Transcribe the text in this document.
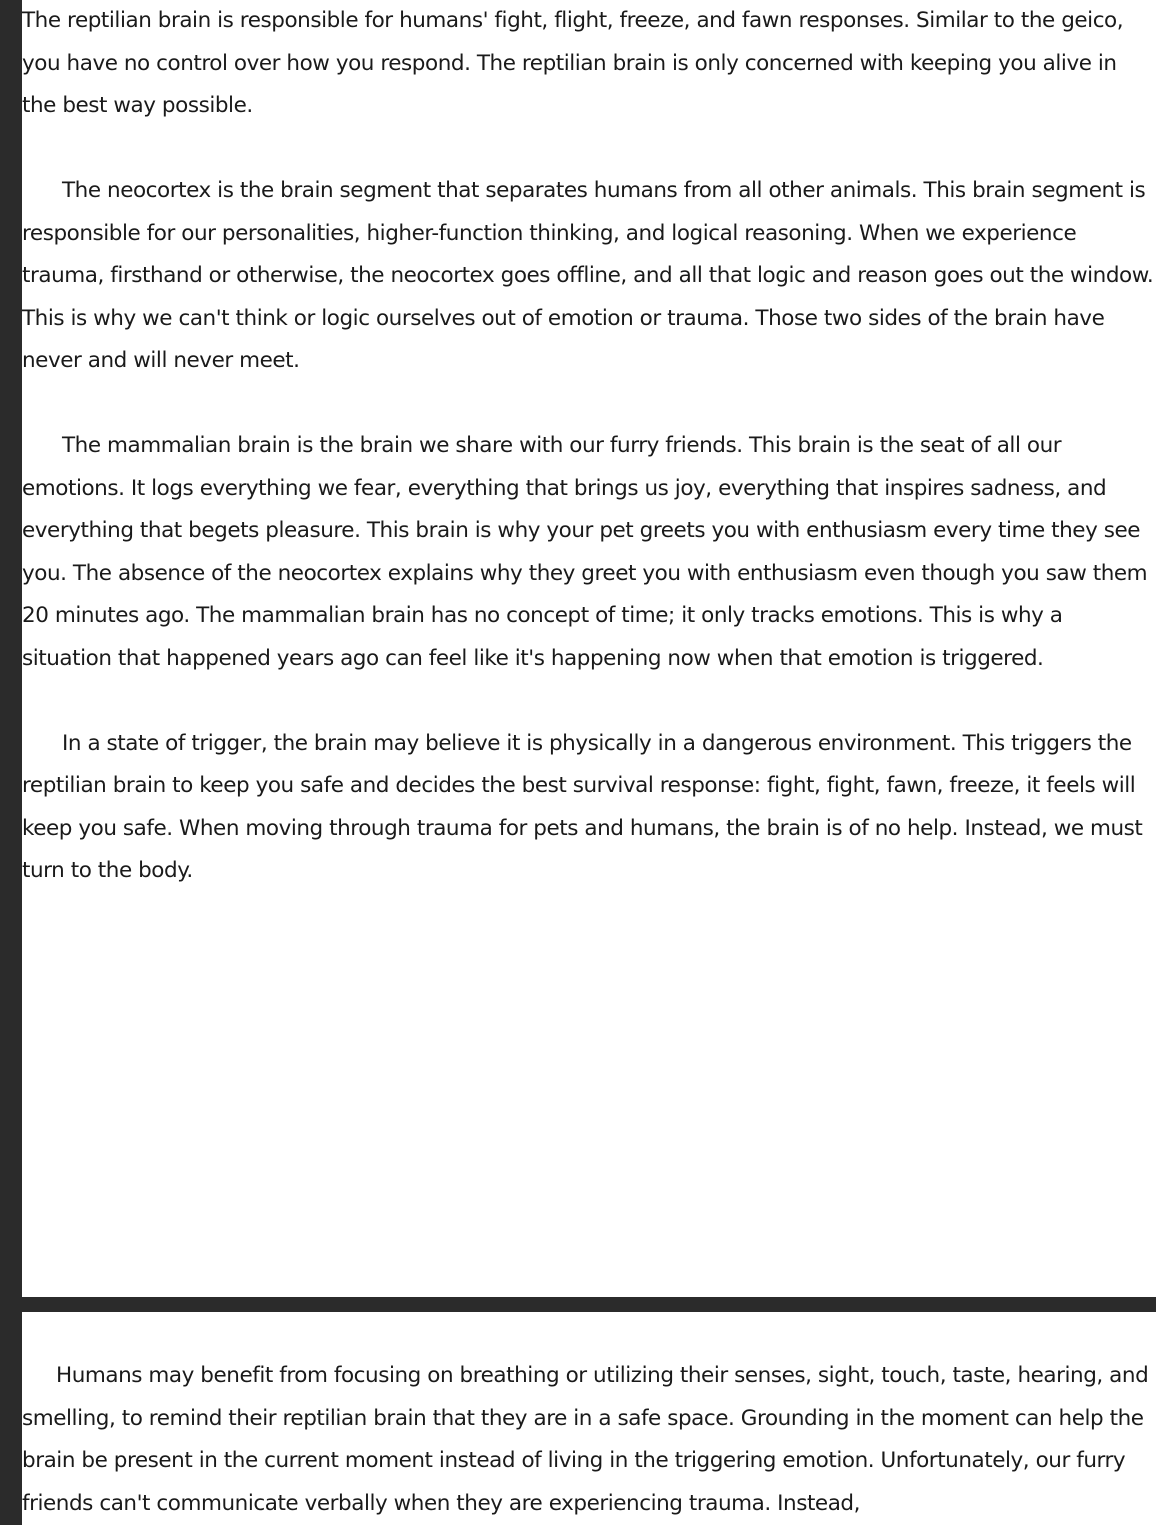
The reptilian brain is responsible for humans' fight, flight, freeze, and fawn responses. Similar to the geico, you have no control over how you respond. The reptilian brain is only concerned with keeping you alive in the best way possible.

The neocortex is the brain segment that separates humans from all other animals. This brain segment is responsible for our personalities, higher-function thinking, and logical reasoning. When we experience trauma, firsthand or otherwise, the neocortex goes offline, and all that logic and reason goes out the window. This is why we can't think or logic ourselves out of emotion or trauma. Those two sides of the brain have never and will never meet.

The mammalian brain is the brain we share with our furry friends. This brain is the seat of all our emotions. It logs everything we fear, everything that brings us joy, everything that inspires sadness, and everything that begets pleasure. This brain is why your pet greets you with enthusiasm every time they see you. The absence of the neocortex explains why they greet you with enthusiasm even though you saw them 20 minutes ago. The mammalian brain has no concept of time; it only tracks emotions. This is why a situation that happened years ago can feel like it's happening now when that emotion is triggered.

In a state of trigger, the brain may believe it is physically in a dangerous environment. This triggers the reptilian brain to keep you safe and decides the best survival response: fight, fight, fawn, freeze, it feels will keep you safe. When moving through trauma for pets and humans, the brain is of no help. Instead, we must turn to the body.

Humans may benefit from focusing on breathing or utilizing their senses, sight, touch, taste, hearing, and smelling, to remind their reptilian brain that they are in a safe space. Grounding in the moment can help the brain be present in the current moment instead of living in the triggering emotion. Unfortunately, our furry friends can't communicate verbally when they are experiencing trauma. Instead,
